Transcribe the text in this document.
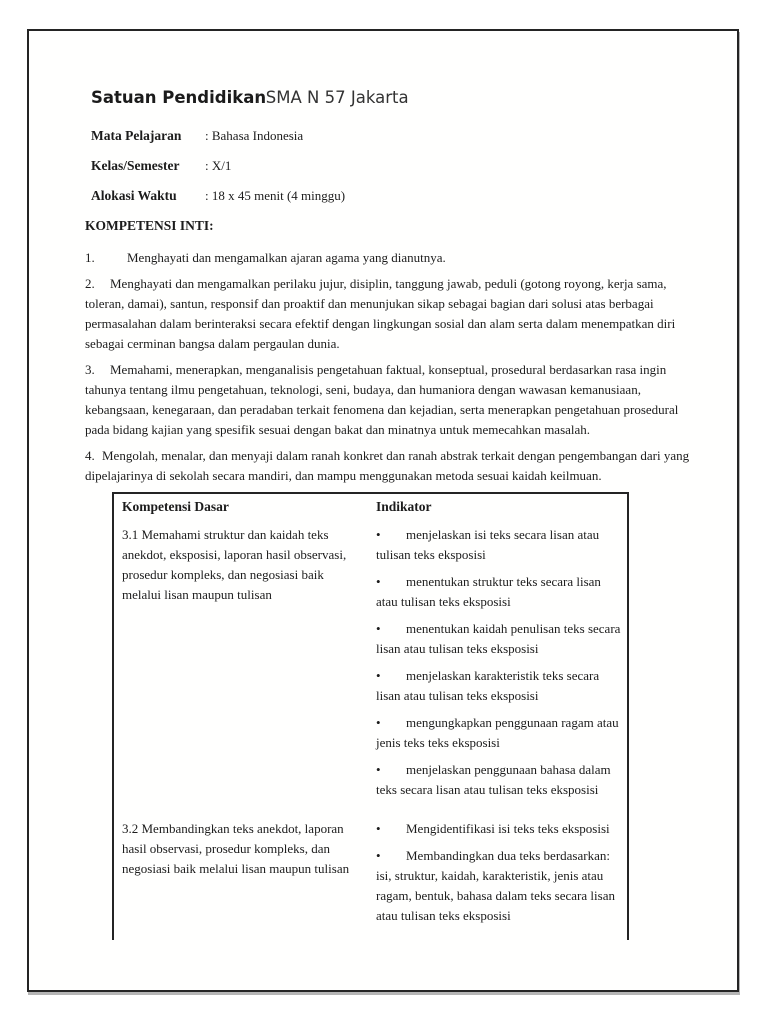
Satuan Pendidikan: SMA N 57 Jakarta
Mata Pelajaran : Bahasa Indonesia
Kelas/Semester : X/1
Alokasi Waktu : 18 x 45 menit (4 minggu)
KOMPETENSI INTI:

1. Menghayati dan mengamalkan ajaran agama yang dianutnya.

2. Menghayati dan mengamalkan perilaku jujur, disiplin, tanggung jawab, peduli (gotong royong, kerja sama, toleran, damai), santun, responsif dan proaktif dan menunjukan sikap sebagai bagian dari solusi atas berbagai permasalahan dalam berinteraksi secara efektif dengan lingkungan sosial dan alam serta dalam menempatkan diri sebagai cerminan bangsa dalam pergaulan dunia.

3. Memahami, menerapkan, menganalisis pengetahuan faktual, konseptual, prosedural berdasarkan rasa ingin tahunya tentang ilmu pengetahuan, teknologi, seni, budaya, dan humaniora dengan wawasan kemanusiaan, kebangsaan, kenegaraan, dan peradaban terkait fenomena dan kejadian, serta menerapkan pengetahuan prosedural pada bidang kajian yang spesifik sesuai dengan bakat dan minatnya untuk memecahkan masalah.

4. Mengolah, menalar, dan menyaji dalam ranah konkret dan ranah abstrak terkait dengan pengembangan dari yang dipelajarinya di sekolah secara mandiri, dan mampu menggunakan metoda sesuai kaidah keilmuan.

Kompetensi Dasar	Indikator

3.1 Memahami struktur dan kaidah teks anekdot, eksposisi, laporan hasil observasi, prosedur kompleks, dan negosiasi baik melalui lisan maupun tulisan

• menjelaskan isi teks secara lisan atau tulisan teks eksposisi

• menentukan struktur teks secara lisan atau tulisan teks eksposisi

• menentukan kaidah penulisan teks secara lisan atau tulisan teks eksposisi

• menjelaskan karakteristik teks secara lisan atau tulisan teks eksposisi

• mengungkapkan penggunaan ragam atau jenis teks teks eksposisi

• menjelaskan penggunaan bahasa dalam teks secara lisan atau tulisan teks eksposisi

3.2 Membandingkan teks anekdot, laporan hasil observasi, prosedur kompleks, dan negosiasi baik melalui lisan maupun tulisan

• Mengidentifikasi isi teks teks eksposisi

• Membandingkan dua teks berdasarkan: isi, struktur, kaidah, karakteristik, jenis atau ragam, bentuk, bahasa dalam teks secara lisan atau tulisan teks eksposisi
